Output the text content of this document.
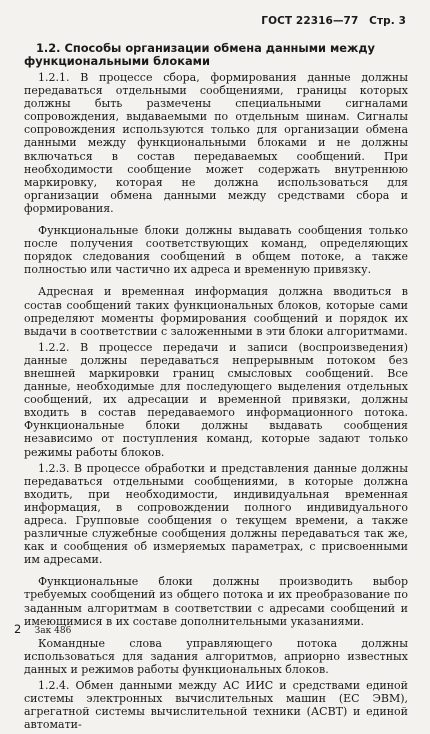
ГОСТ 22316—77 Стр. 3

1.2. Способы организации обмена данными между функциональными блоками

1.2.1. В процессе сбора, формирования данные должны передаваться отдельными сообщениями, границы которых должны быть размечены специальными сигналами сопровождения, выдаваемыми по отдельным шинам. Сигналы сопровождения используются только для организации обмена данными между функциональными блоками и не должны включаться в состав передаваемых сообщений. При необходимости сообщение может содержать внутреннюю маркировку, которая не должна использоваться для организации обмена данными между средствами сбора и формирования.

Функциональные блоки должны выдавать сообщения только после получения соответствующих команд, определяющих порядок следования сообщений в общем потоке, а также полностью или частично их адреса и временную привязку.

Адресная и временная информация должна вводиться в состав сообщений таких функциональных блоков, которые сами определяют моменты формирования сообщений и порядок их выдачи в соответствии с заложенными в эти блоки алгоритмами.

1.2.2. В процессе передачи и записи (воспроизведения) данные должны передаваться непрерывным потоком без внешней маркировки границ смысловых сообщений. Все данные, необходимые для последующего выделения отдельных сообщений, их адресации и временной привязки, должны входить в состав передаваемого информационного потока. Функциональные блоки должны выдавать сообщения независимо от поступления команд, которые задают только режимы работы блоков.

1.2.3. В процессе обработки и представления данные должны передаваться отдельными сообщениями, в которые должна входить, при необходимости, индивидуальная временная информация, в сопровождении полного индивидуального адреса. Групповые сообщения о текущем времени, а также различные служебные сообщения должны передаваться так же, как и сообщения об измеряемых параметрах, с присвоенными им адресами.

Функциональные блоки должны производить выбор требуемых сообщений из общего потока и их преобразование по заданным алгоритмам в соответствии с адресами сообщений и имеющимися в их составе дополнительными указаниями.

Командные слова управляющего потока должны использоваться для задания алгоритмов, априорно известных данных и режимов работы функциональных блоков.

1.2.4. Обмен данными между АС ИИС и средствами единой системы электронных вычислительных машин (ЕС ЭВМ), агрегатной системы вычислительной техники (АСВТ) и единой автомати-

2 Зак 486
